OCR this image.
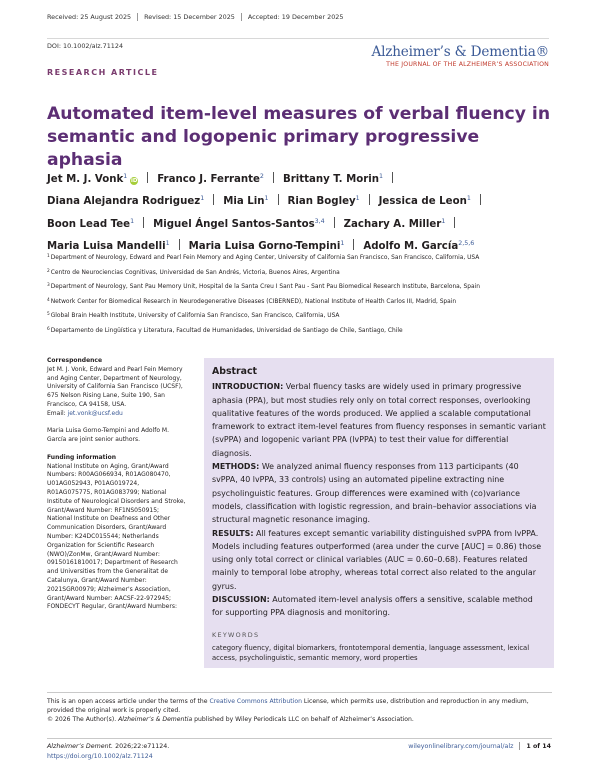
Received: 25 August 2025 Revised: 15 December 2025 Accepted: 19 December 2025
DOI: 10.1002/alz.71124	Alzheimer’s & Dementia®
THE JOURNAL OF THE ALZHEIMER’S ASSOCIATION
RESEARCH ARTICLE
Automated item-level measures of verbal fluency in semantic and logopenic primary progressive aphasia
Jet M. J. Vonk$^1$iD Franco J. Ferrante$^2$ Brittany T. Morin$^1$
Diana Alejandra Rodriguez$^1$ Mia Lin$^1$ Rian Bogley$^1$ Jessica de Leon$^1$
Boon Lead Tee$^1$ Miguel Ángel Santos-Santos$^{3,4}$ Zachary A. Miller$^1$
Maria Luisa Mandelli$^1$ Maria Luisa Gorno-Tempini$^1$ Adolfo M. García$^{2,5,6}$
$^1$Department of Neurology, Edward and Pearl Fein Memory and Aging Center, University of California San Francisco, San Francisco, California, USA
$^2$Centro de Neurociencias Cognitivas, Universidad de San Andrés, Victoria, Buenos Aires, Argentina
$^3$Department of Neurology, Sant Pau Memory Unit, Hospital de la Santa Creu I Sant Pau - Sant Pau Biomedical Research Institute, Barcelona, Spain
$^4$Network Center for Biomedical Research in Neurodegenerative Diseases (CIBERNED), National Institute of Health Carlos III, Madrid, Spain
$^5$Global Brain Health Institute, University of California San Francisco, San Francisco, California, USA
$^6$Departamento de Lingüística y Literatura, Facultad de Humanidades, Universidad de Santiago de Chile, Santiago, Chile
Correspondence
Jet M. J. Vonk, Edward and Pearl Fein Memory
and Aging Center, Department of Neurology,
University of California San Francisco (UCSF),
675 Nelson Rising Lane, Suite 190, San
Francisco, CA 94158, USA.
Email: jet.vonk@ucsf.edu
Maria Luisa Gorno-Tempini and Adolfo M.
García are joint senior authors.
Funding information
National Institute on Aging, Grant/Award
Numbers: R00AG066934, R01AG080470,
U01AG052943, P01AG019724,
R01AG075775, R01AG083799; National
Institute of Neurological Disorders and Stroke,
Grant/Award Number: RF1NS050915;
National Institute on Deafness and Other
Communication Disorders, Grant/Award
Number: K24DC015544; Netherlands
Organization for Scientific Research
(NWO)/ZonMw, Grant/Award Number:
09150161810017; Department of Research
and Universities from the Generalitat de
Catalunya, Grant/Award Number:
2021SGR00979; Alzheimer's Association,
Grant/Award Number: AACSF-22-972945;
FONDECYT Regular, Grant/Award Numbers:
Abstract

INTRODUCTION: Verbal fluency tasks are widely used in primary progressive aphasia (PPA), but most studies rely only on total correct responses, overlooking qualitative features of the words produced. We applied a scalable computational framework to extract item-level features from fluency responses in semantic variant (svPPA) and logopenic variant PPA (lvPPA) to test their value for differential diagnosis.

METHODS: We analyzed animal fluency responses from 113 participants (40 svPPA, 40 lvPPA, 33 controls) using an automated pipeline extracting nine psycholinguistic features. Group differences were examined with (co)variance models, classification with logistic regression, and brain–behavior associations via structural magnetic resonance imaging.

RESULTS: All features except semantic variability distinguished svPPA from lvPPA. Models including features outperformed (area under the curve [AUC] = 0.86) those using only total correct or clinical variables (AUC = 0.60–0.68). Features related mainly to temporal lobe atrophy, whereas total correct also related to the angular gyrus.

DISCUSSION: Automated item-level analysis offers a sensitive, scalable method for supporting PPA diagnosis and monitoring.

KEYWORDS
category fluency, digital biomarkers, frontotemporal dementia, language assessment, lexical access, psycholinguistic, semantic memory, word properties
This is an open access article under the terms of the Creative Commons Attribution License, which permits use, distribution and reproduction in any medium, provided the original work is properly cited.
© 2026 The Author(s). Alzheimer’s & Dementia published by Wiley Periodicals LLC on behalf of Alzheimer’s Association.
Alzheimer’s Dement. 2026;22:e71124.
https://doi.org/10.1002/alz.71124
wileyonlinelibrary.com/journal/alz 1 of 14
